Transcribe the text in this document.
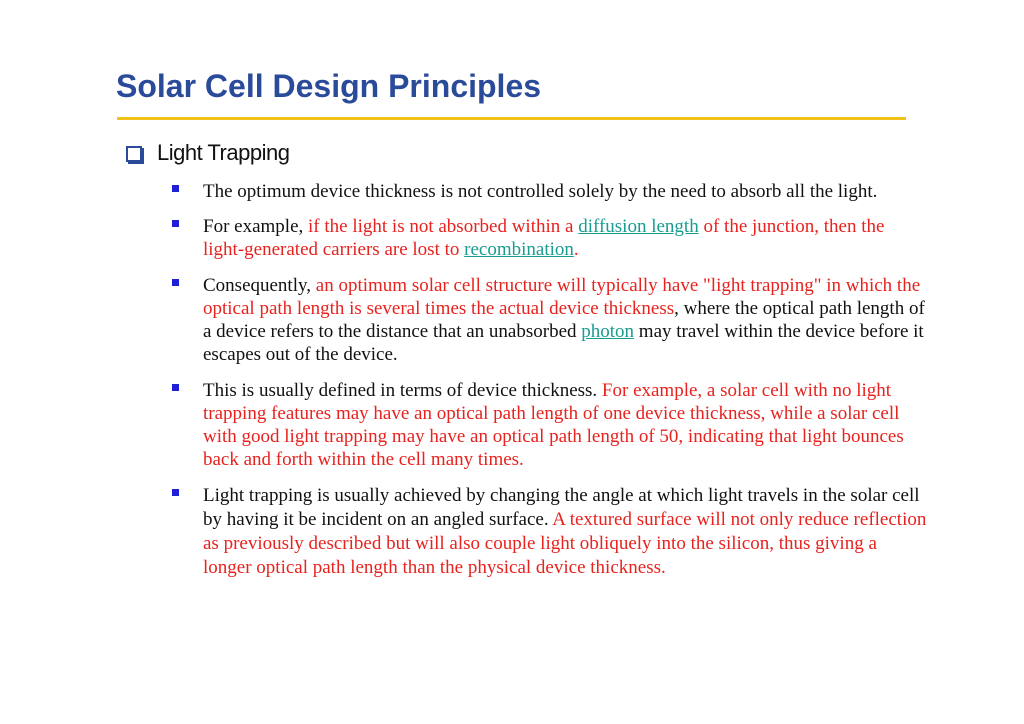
Solar Cell Design Principles
Light Trapping
The optimum device thickness is not controlled solely by the need to absorb all the light.
For example, if the light is not absorbed within a diffusion length of the junction, then the light-generated carriers are lost to recombination.
Consequently, an optimum solar cell structure will typically have "light trapping" in which the optical path length is several times the actual device thickness, where the optical path length of a device refers to the distance that an unabsorbed photon may travel within the device before it escapes out of the device.
This is usually defined in terms of device thickness. For example, a solar cell with no light trapping features may have an optical path length of one device thickness, while a solar cell with good light trapping may have an optical path length of 50, indicating that light bounces back and forth within the cell many times.
Light trapping is usually achieved by changing the angle at which light travels in the solar cell by having it be incident on an angled surface. A textured surface will not only reduce reflection as previously described but will also couple light obliquely into the silicon, thus giving a longer optical path length than the physical device thickness.
